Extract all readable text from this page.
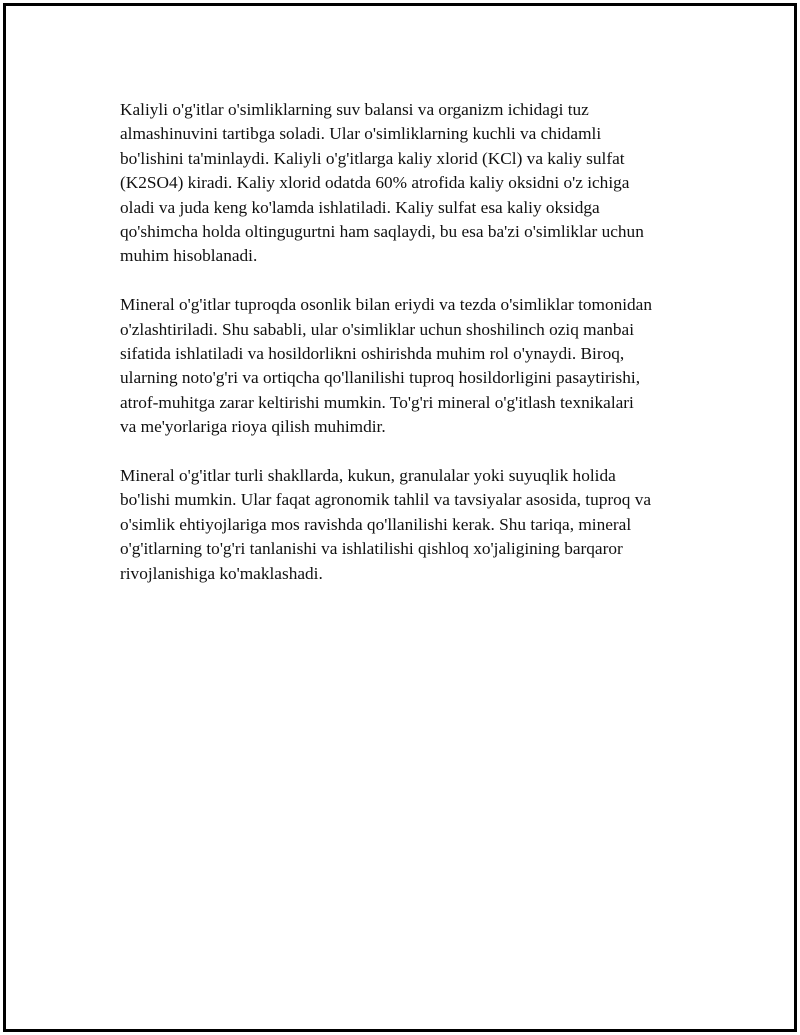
Kaliyli o'g'itlar o'simliklarning suv balansi va organizm ichidagi tuz
almashinuvini tartibga soladi. Ular o'simliklarning kuchli va chidamli
bo'lishini ta'minlaydi. Kaliyli o'g'itlarga kaliy xlorid (KCl) va kaliy sulfat
(K2SO4) kiradi. Kaliy xlorid odatda 60% atrofida kaliy oksidni o'z ichiga
oladi va juda keng ko'lamda ishlatiladi. Kaliy sulfat esa kaliy oksidga
qo'shimcha holda oltingugurtni ham saqlaydi, bu esa ba'zi o'simliklar uchun
muhim hisoblanadi.

Mineral o'g'itlar tuproqda osonlik bilan eriydi va tezda o'simliklar tomonidan
o'zlashtiriladi. Shu sababli, ular o'simliklar uchun shoshilinch oziq manbai
sifatida ishlatiladi va hosildorlikni oshirishda muhim rol o'ynaydi. Biroq,
ularning noto'g'ri va ortiqcha qo'llanilishi tuproq hosildorligini pasaytirishi,
atrof-muhitga zarar keltirishi mumkin. To'g'ri mineral o'g'itlash texnikalari
va me'yorlariga rioya qilish muhimdir.

Mineral o'g'itlar turli shakllarda, kukun, granulalar yoki suyuqlik holida
bo'lishi mumkin. Ular faqat agronomik tahlil va tavsiyalar asosida, tuproq va
o'simlik ehtiyojlariga mos ravishda qo'llanilishi kerak. Shu tariqa, mineral
o'g'itlarning to'g'ri tanlanishi va ishlatilishi qishloq xo'jaligining barqaror
rivojlanishiga ko'maklashadi.
